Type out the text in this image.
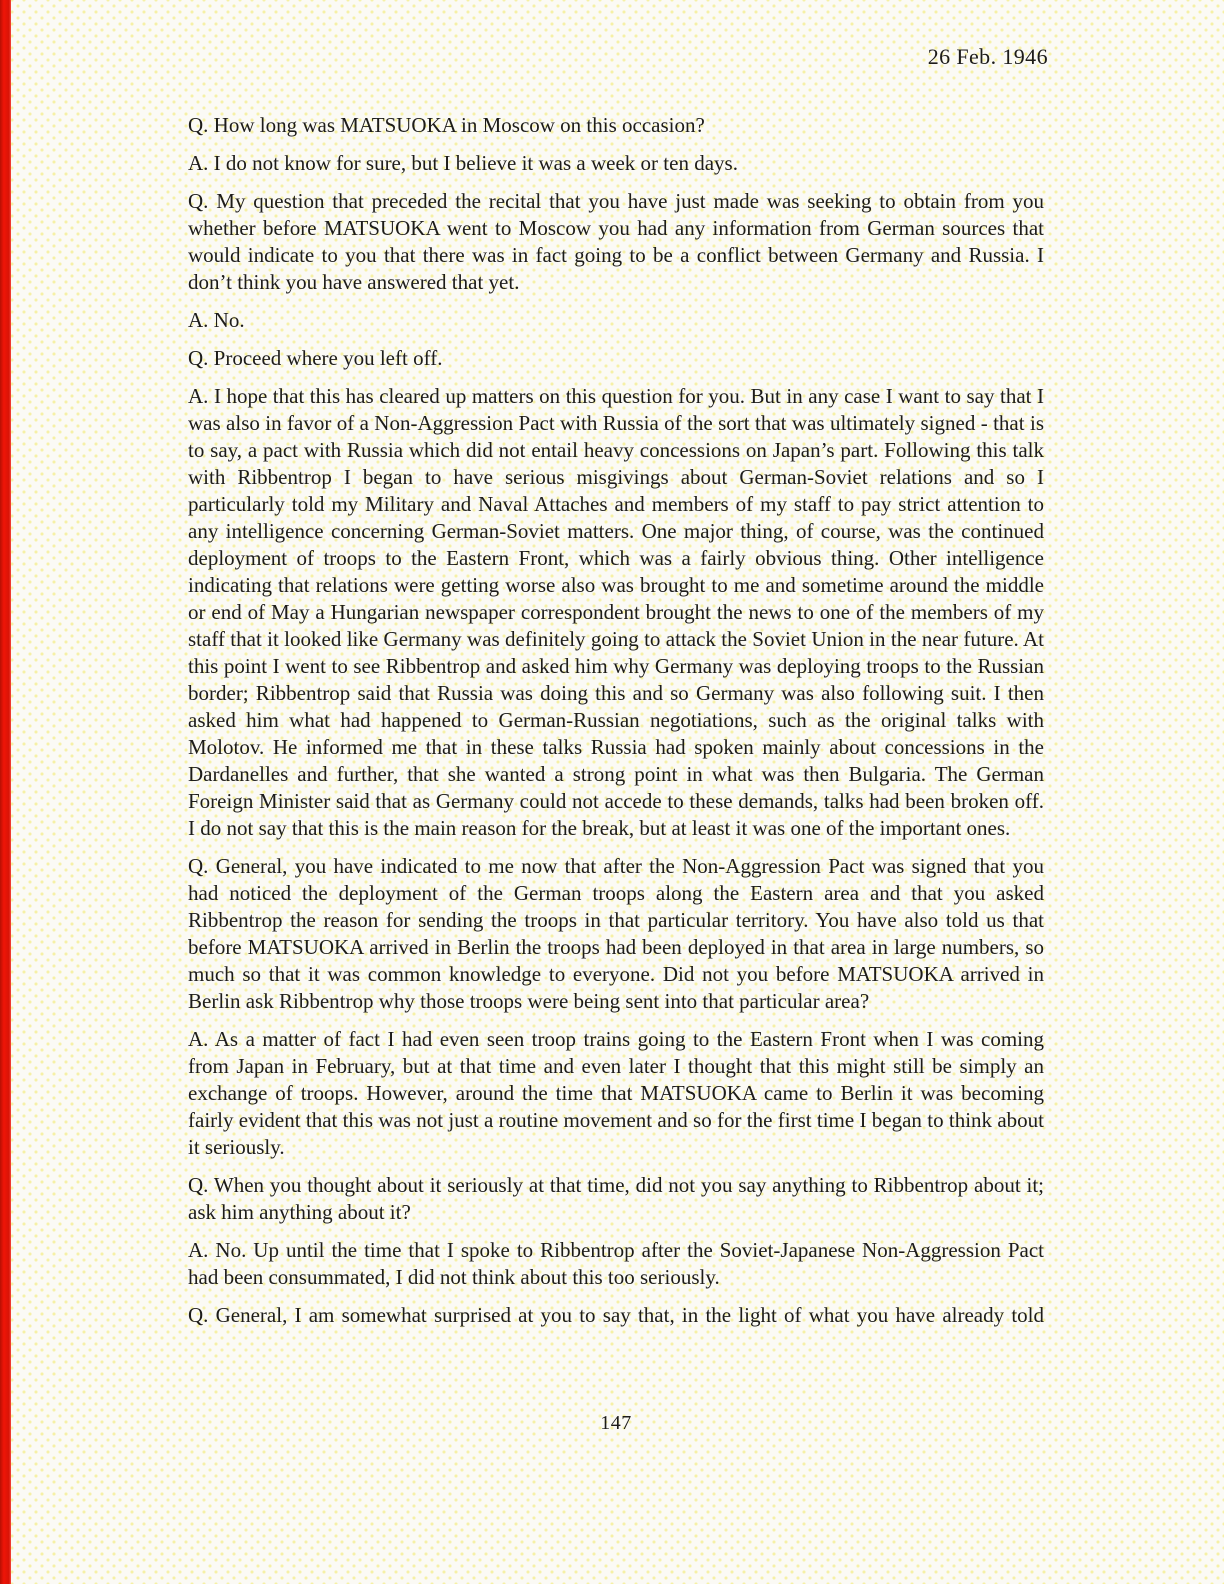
26 Feb. 1946

Q. How long was MATSUOKA in Moscow on this occasion?

A. I do not know for sure, but I believe it was a week or ten days.

Q. My question that preceded the recital that you have just made was seeking to obtain from you whether before MATSUOKA went to Moscow you had any information from German sources that would indicate to you that there was in fact going to be a conflict between Germany and Russia. I don’t think you have answered that yet.

A. No.

Q. Proceed where you left off.

A. I hope that this has cleared up matters on this question for you. But in any case I want to say that I was also in favor of a Non-Aggression Pact with Russia of the sort that was ultimately signed - that is to say, a pact with Russia which did not entail heavy concessions on Japan’s part. Following this talk with Ribbentrop I began to have serious misgivings about German-Soviet relations and so I particularly told my Military and Naval Attaches and members of my staff to pay strict attention to any intelligence concerning German-Soviet matters. One major thing, of course, was the continued deployment of troops to the Eastern Front, which was a fairly obvious thing. Other intelligence indicating that relations were getting worse also was brought to me and sometime around the middle or end of May a Hungarian newspaper correspondent brought the news to one of the members of my staff that it looked like Germany was definitely going to attack the Soviet Union in the near future. At this point I went to see Ribbentrop and asked him why Germany was deploying troops to the Russian border; Ribbentrop said that Russia was doing this and so Germany was also following suit. I then asked him what had happened to German-Russian negotiations, such as the original talks with Molotov. He informed me that in these talks Russia had spoken mainly about concessions in the Dardanelles and further, that she wanted a strong point in what was then Bulgaria. The German Foreign Minister said that as Germany could not accede to these demands, talks had been broken off. I do not say that this is the main reason for the break, but at least it was one of the important ones.

Q. General, you have indicated to me now that after the Non-Aggression Pact was signed that you had noticed the deployment of the German troops along the Eastern area and that you asked Ribbentrop the reason for sending the troops in that particular territory. You have also told us that before MATSUOKA arrived in Berlin the troops had been deployed in that area in large numbers, so much so that it was common knowledge to everyone. Did not you before MATSUOKA arrived in Berlin ask Ribbentrop why those troops were being sent into that particular area?

A. As a matter of fact I had even seen troop trains going to the Eastern Front when I was coming from Japan in February, but at that time and even later I thought that this might still be simply an exchange of troops. However, around the time that MATSUOKA came to Berlin it was becoming fairly evident that this was not just a routine movement and so for the first time I began to think about it seriously.

Q. When you thought about it seriously at that time, did not you say anything to Ribbentrop about it; ask him anything about it?

A. No. Up until the time that I spoke to Ribbentrop after the Soviet-Japanese Non-Aggression Pact had been consummated, I did not think about this too seriously.

Q. General, I am somewhat surprised at you to say that, in the light of what you have already told

147
